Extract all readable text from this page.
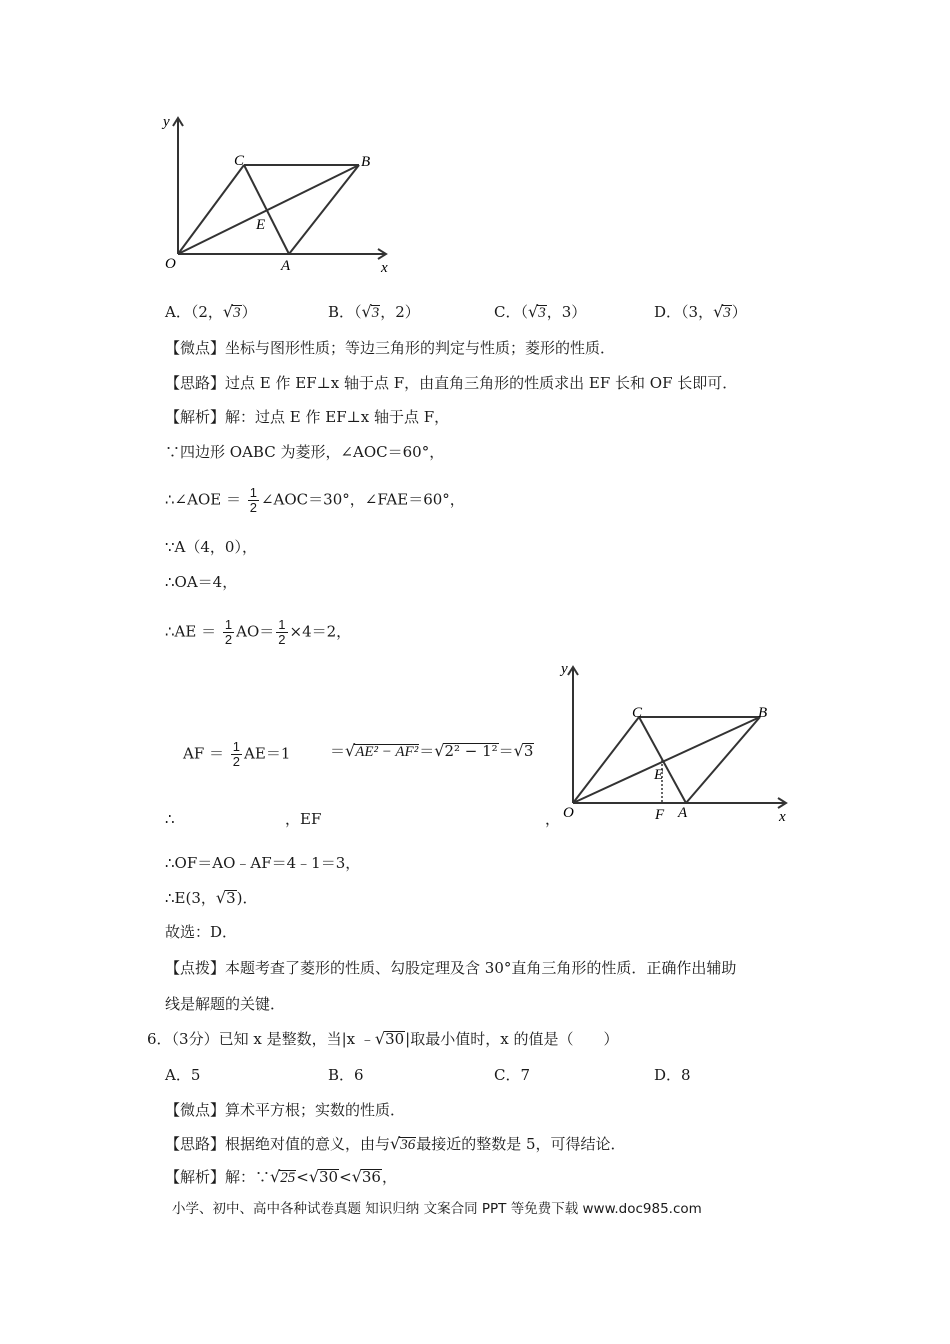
y
x
O	A
B
C
E
A．（2，√3）	B．（√3，2）	C．（√3，3）	D．（3，√3）
【微点】坐标与图形性质；等边三角形的判定与性质；菱形的性质．
【思路】过点 E 作 EF⊥x 轴于点 F，由直角三角形的性质求出 EF 长和 OF 长即可．
【解析】解：过点 E 作 EF⊥x 轴于点 F，
∵四边形 OABC 为菱形，∠AOC＝60°，
∴∠AOE ＝ $\frac{1}{2}$ ∠AOC＝30°，∠FAE＝60°，
∵A（4，0），
∴OA＝4，
∴AE ＝ $\frac{1}{2} AO= \frac{1}{2} \times 4=2$，
AF ＝ $\frac{1}{2} AE=1$	＝√AE² − AF²＝√2² − 1²＝√3
∴	，EF	，
y
x
O	F A
B
C
E
∴OF＝AO﹣AF＝4﹣1＝3，
∴E(3，√3)．
故选：D．
【点拨】本题考查了菱形的性质、勾股定理及含 30°直角三角形的性质．正确作出辅助
线是解题的关键．
6．（3分）已知 x 是整数，当|x ﹣√30|取最小值时，x 的值是（　　）
A．5	B．6	C．7	D．8
【微点】算术平方根；实数的性质．
【思路】根据绝对值的意义，由与√36最接近的整数是 5，可得结论．
【解析】解：∵√25<√30<√36，
小学、初中、高中各种试卷真题 知识归纳 文案合同 PPT 等免费下载 www.doc985.com
